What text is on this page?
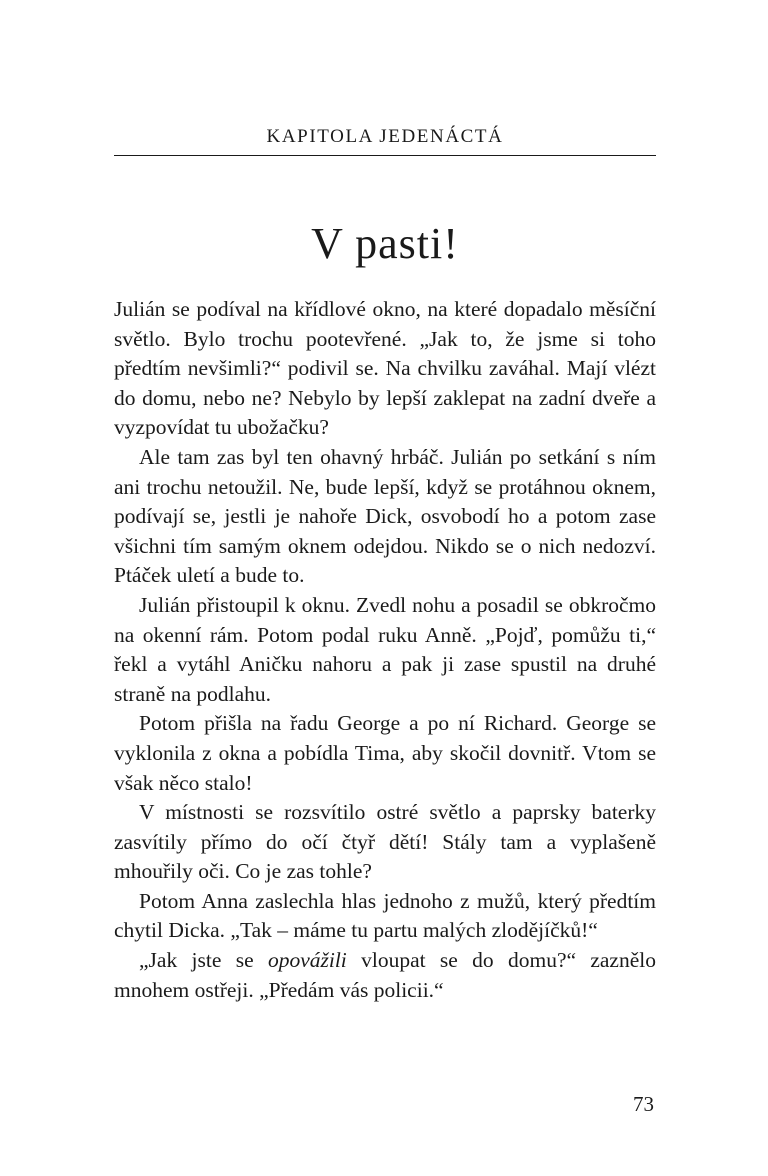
KAPITOLA JEDENÁCTÁ
V pasti!

Julián se podíval na křídlové okno, na které dopadalo měsíční světlo. Bylo trochu pootevřené. „Jak to, že jsme si toho předtím nevšimli?“ podivil se. Na chvilku zaváhal. Mají vlézt do domu, nebo ne? Nebylo by lepší zaklepat na zadní dveře a vyzpovídat tu ubožačku?

Ale tam zas byl ten ohavný hrbáč. Julián po setkání s ním ani trochu netoužil. Ne, bude lepší, když se protáhnou oknem, podívají se, jestli je nahoře Dick, osvobodí ho a potom zase všichni tím samým oknem odejdou. Nikdo se o nich nedozví. Ptáček uletí a bude to.

Julián přistoupil k oknu. Zvedl nohu a posadil se obkročmo na okenní rám. Potom podal ruku Anně. „Pojď, pomůžu ti,“ řekl a vytáhl Aničku nahoru a pak ji zase spustil na druhé straně na podlahu.

Potom přišla na řadu George a po ní Richard. George se vyklonila z okna a pobídla Tima, aby skočil dovnitř. Vtom se však něco stalo!

V místnosti se rozsvítilo ostré světlo a paprsky baterky zasvítily přímo do očí čtyř dětí! Stály tam a vyplašeně mhouřily oči. Co je zas tohle?

Potom Anna zaslechla hlas jednoho z mužů, který předtím chytil Dicka. „Tak – máme tu partu malých zlodějíčků!“

„Jak jste se opovážili vloupat se do domu?“ zaznělo mnohem ostřeji. „Předám vás policii.“

73
